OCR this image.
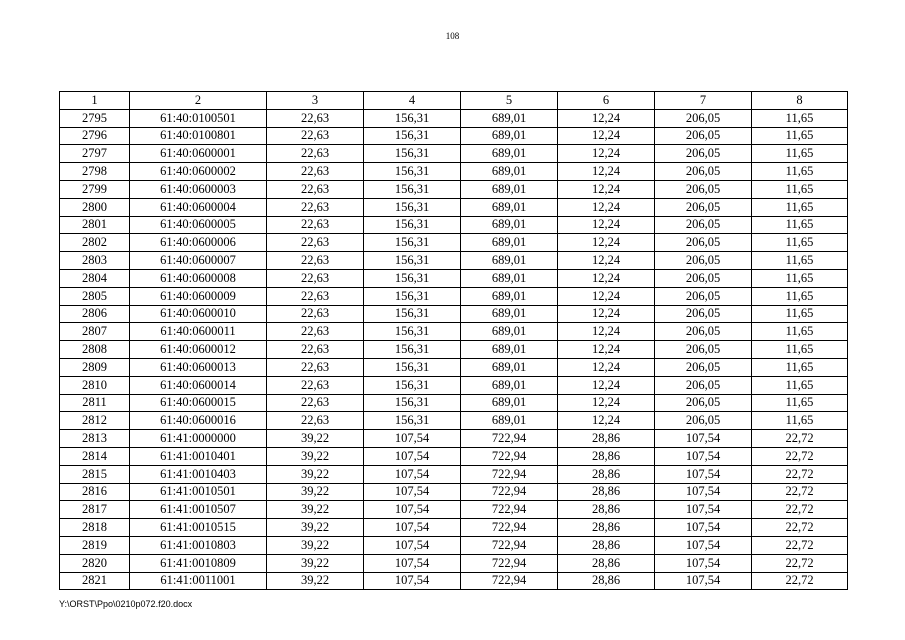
108
1	2	3	4	5	6	7	8
2795	61:40:0100501	22,63	156,31	689,01	12,24	206,05	11,65
2796	61:40:0100801	22,63	156,31	689,01	12,24	206,05	11,65
2797	61:40:0600001	22,63	156,31	689,01	12,24	206,05	11,65
2798	61:40:0600002	22,63	156,31	689,01	12,24	206,05	11,65
2799	61:40:0600003	22,63	156,31	689,01	12,24	206,05	11,65
2800	61:40:0600004	22,63	156,31	689,01	12,24	206,05	11,65
2801	61:40:0600005	22,63	156,31	689,01	12,24	206,05	11,65
2802	61:40:0600006	22,63	156,31	689,01	12,24	206,05	11,65
2803	61:40:0600007	22,63	156,31	689,01	12,24	206,05	11,65
2804	61:40:0600008	22,63	156,31	689,01	12,24	206,05	11,65
2805	61:40:0600009	22,63	156,31	689,01	12,24	206,05	11,65
2806	61:40:0600010	22,63	156,31	689,01	12,24	206,05	11,65
2807	61:40:0600011	22,63	156,31	689,01	12,24	206,05	11,65
2808	61:40:0600012	22,63	156,31	689,01	12,24	206,05	11,65
2809	61:40:0600013	22,63	156,31	689,01	12,24	206,05	11,65
2810	61:40:0600014	22,63	156,31	689,01	12,24	206,05	11,65
2811	61:40:0600015	22,63	156,31	689,01	12,24	206,05	11,65
2812	61:40:0600016	22,63	156,31	689,01	12,24	206,05	11,65
2813	61:41:0000000	39,22	107,54	722,94	28,86	107,54	22,72
2814	61:41:0010401	39,22	107,54	722,94	28,86	107,54	22,72
2815	61:41:0010403	39,22	107,54	722,94	28,86	107,54	22,72
2816	61:41:0010501	39,22	107,54	722,94	28,86	107,54	22,72
2817	61:41:0010507	39,22	107,54	722,94	28,86	107,54	22,72
2818	61:41:0010515	39,22	107,54	722,94	28,86	107,54	22,72
2819	61:41:0010803	39,22	107,54	722,94	28,86	107,54	22,72
2820	61:41:0010809	39,22	107,54	722,94	28,86	107,54	22,72
2821	61:41:0011001	39,22	107,54	722,94	28,86	107,54	22,72
Y:\ORST\Ppo\0210p072.f20.docx
